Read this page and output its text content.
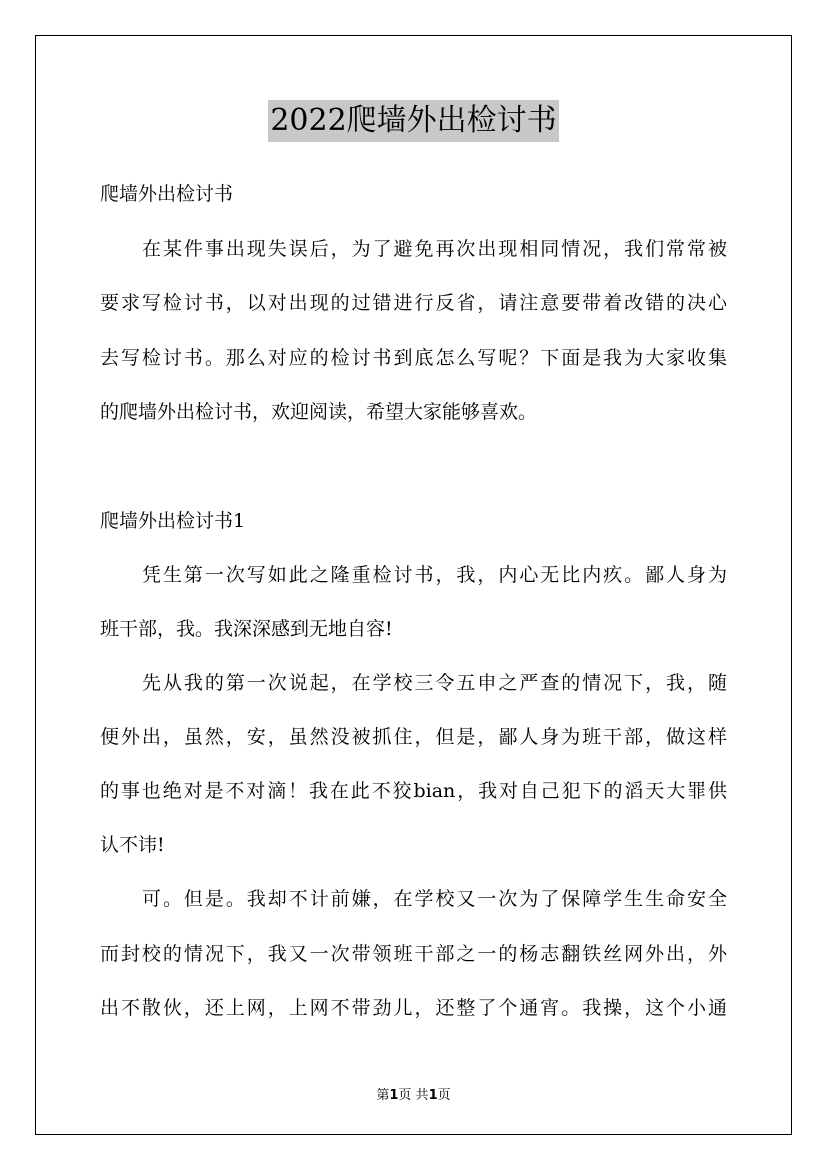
2022爬墙外出检讨书
爬墙外出检讨书
在某件事出现失误后，为了避免再次出现相同情况，我们常常被
要求写检讨书，以对出现的过错进行反省，请注意要带着改错的决心
去写检讨书。那么对应的检讨书到底怎么写呢？下面是我为大家收集
的爬墙外出检讨书，欢迎阅读，希望大家能够喜欢。
爬墙外出检讨书1
凭生第一次写如此之隆重检讨书，我，内心无比内疚。鄙人身为
班干部，我。我深深感到无地自容!
先从我的第一次说起，在学校三令五申之严查的情况下，我，随
便外出，虽然，安，虽然没被抓住，但是，鄙人身为班干部，做这样
的事也绝对是不对滴！我在此不狡bian，我对自己犯下的滔天大罪供
认不讳!
可。但是。我却不计前嫌，在学校又一次为了保障学生生命安全
而封校的情况下，我又一次带领班干部之一的杨志翻铁丝网外出，外
出不散伙，还上网，上网不带劲儿，还整了个通宵。我操，这个小通
第1页 共1页
